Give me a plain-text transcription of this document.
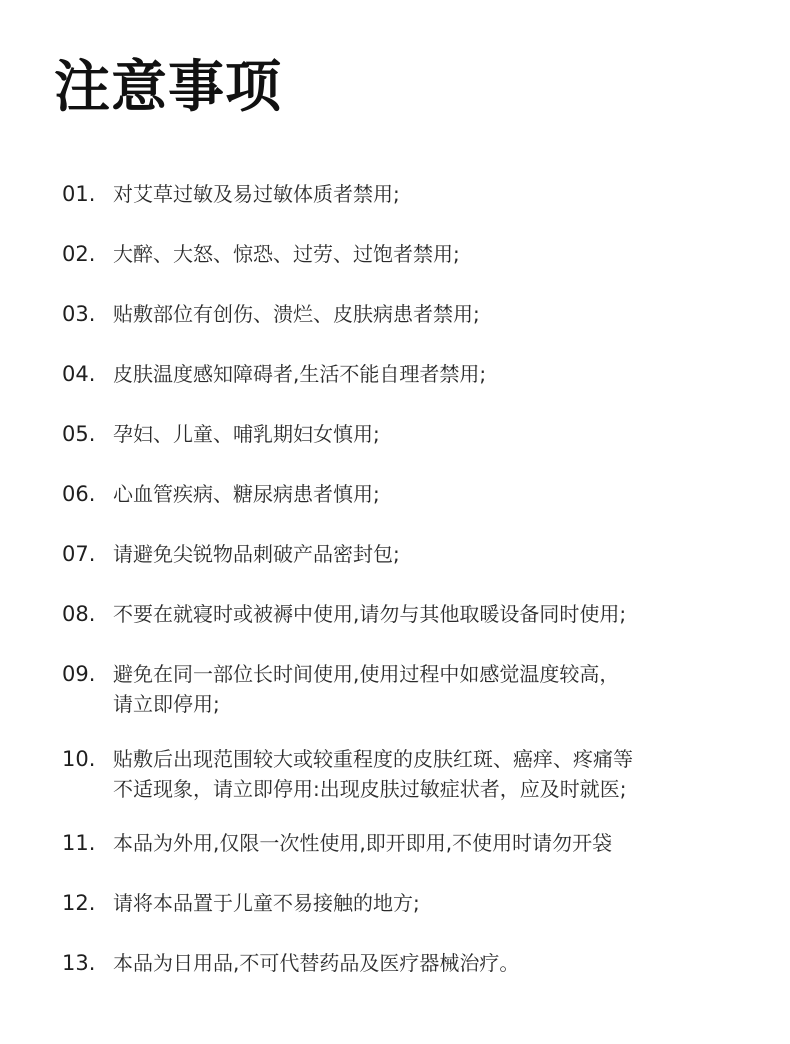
注意事项
01. 对艾草过敏及易过敏体质者禁用;
02. 大醉、大怒、惊恐、过劳、过饱者禁用;
03. 贴敷部位有创伤、溃烂、皮肤病患者禁用;
04. 皮肤温度感知障碍者,生活不能自理者禁用;
05. 孕妇、儿童、哺乳期妇女慎用;
06. 心血管疾病、糖尿病患者慎用;
07. 请避免尖锐物品刺破产品密封包;
08. 不要在就寝时或被褥中使用,请勿与其他取暖设备同时使用;
09. 避免在同一部位长时间使用,使用过程中如感觉温度较高，
请立即停用;
10. 贴敷后出现范围较大或较重程度的皮肤红斑、癌痒、疼痛等
不适现象，请立即停用:出现皮肤过敏症状者，应及时就医;
11. 本品为外用,仅限一次性使用,即开即用,不使用时请勿开袋
12. 请将本品置于儿童不易接触的地方;
13. 本品为日用品,不可代替药品及医疗器械治疗。
